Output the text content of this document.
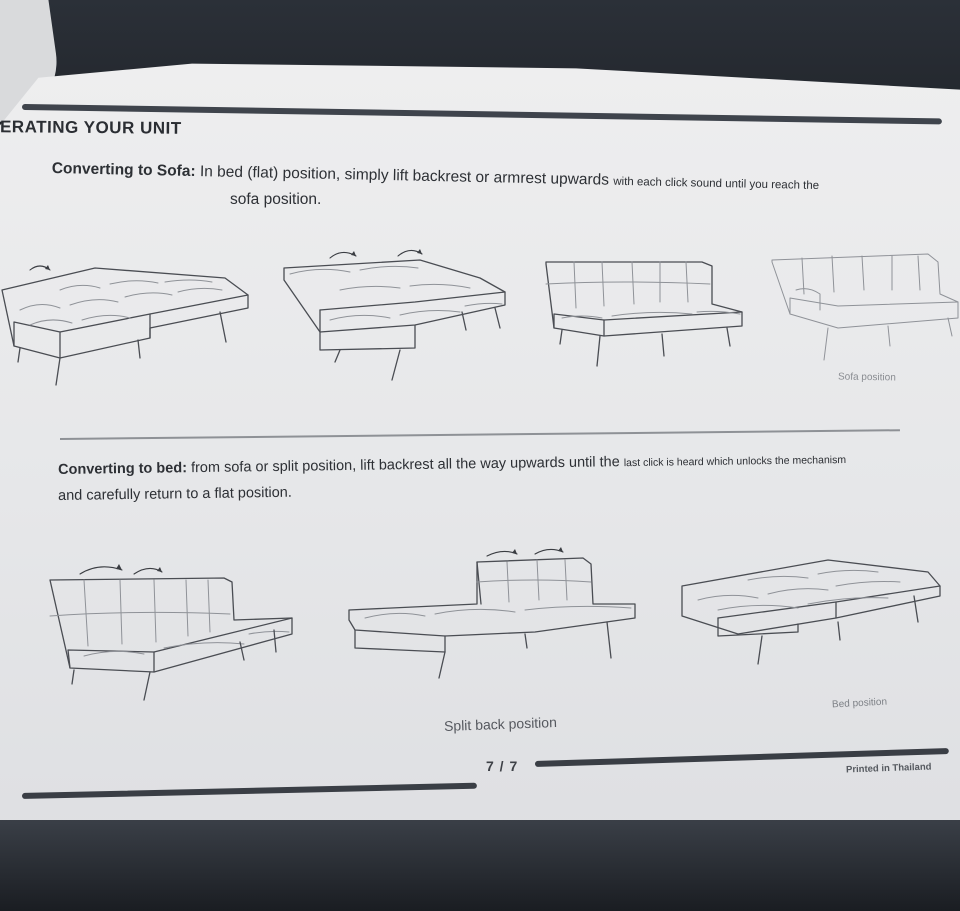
ERATING YOUR UNIT
Converting to Sofa: In bed (flat) position, simply lift backrest or armrest upwards with each click sound until you reach the
sofa position.
Sofa position
Converting to bed: from sofa or split position, lift backrest all the way upwards until the last click is heard which unlocks the mechanism
and carefully return to a flat position.
Split back position
Bed position
7 / 7	Printed in Thailand
